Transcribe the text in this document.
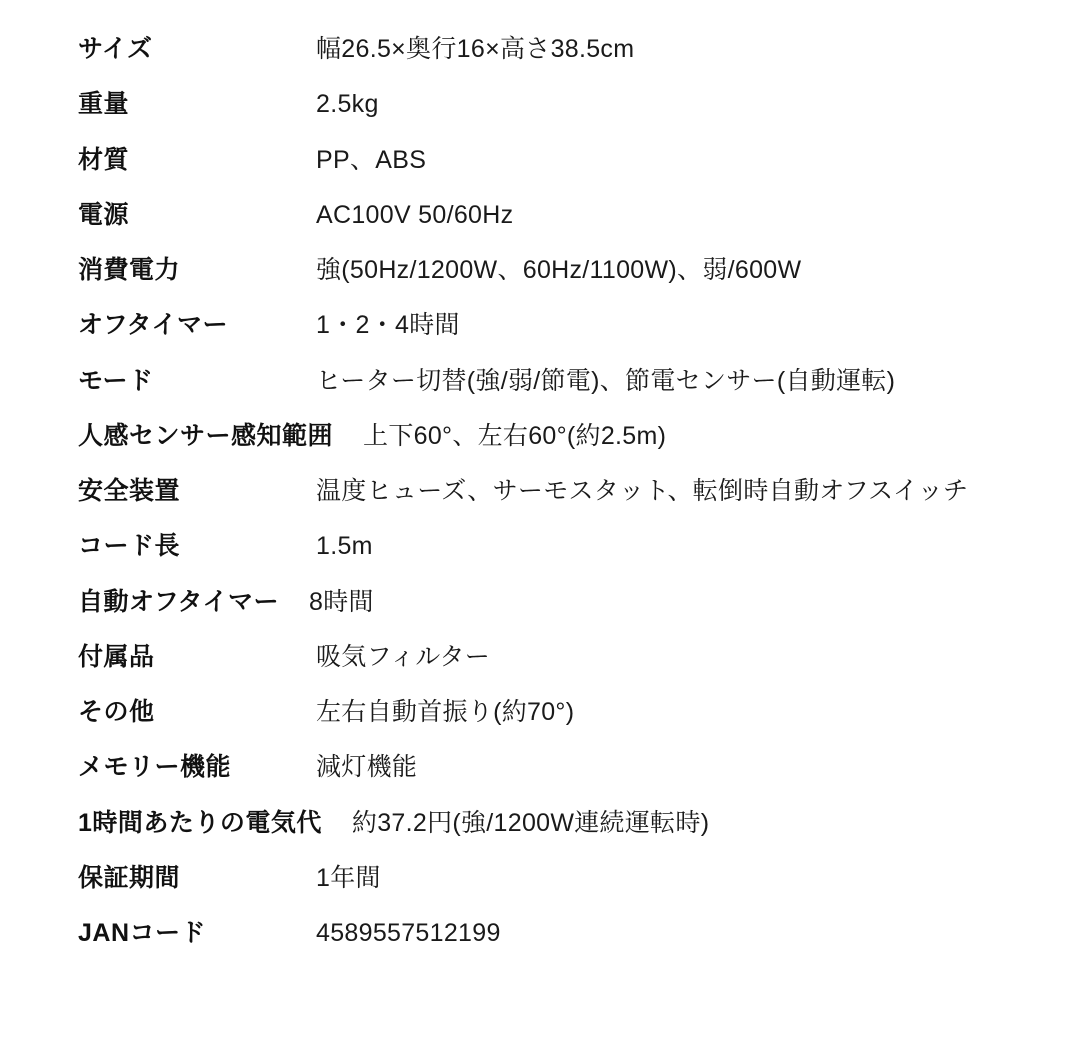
サイズ	幅26.5×奥行16×高さ38.5cm
重量	2.5kg
材質	PP、ABS
電源	AC100V 50/60Hz
消費電力	強(50Hz/1200W、60Hz/1100W)、弱/600W
オフタイマー	1・2・4時間
モード	ヒーター切替(強/弱/節電)、節電センサー(自動運転)
人感センサー感知範囲 上下60°、左右60°(約2.5m)
安全装置	温度ヒューズ、サーモスタット、転倒時自動オフスイッチ
コード長	1.5m
自動オフタイマー 8時間
付属品	吸気フィルター
その他	左右自動首振り(約70°)
メモリー機能	減灯機能
1時間あたりの電気代 約37.2円(強/1200W連続運転時)
保証期間	1年間
JANコード	4589557512199
